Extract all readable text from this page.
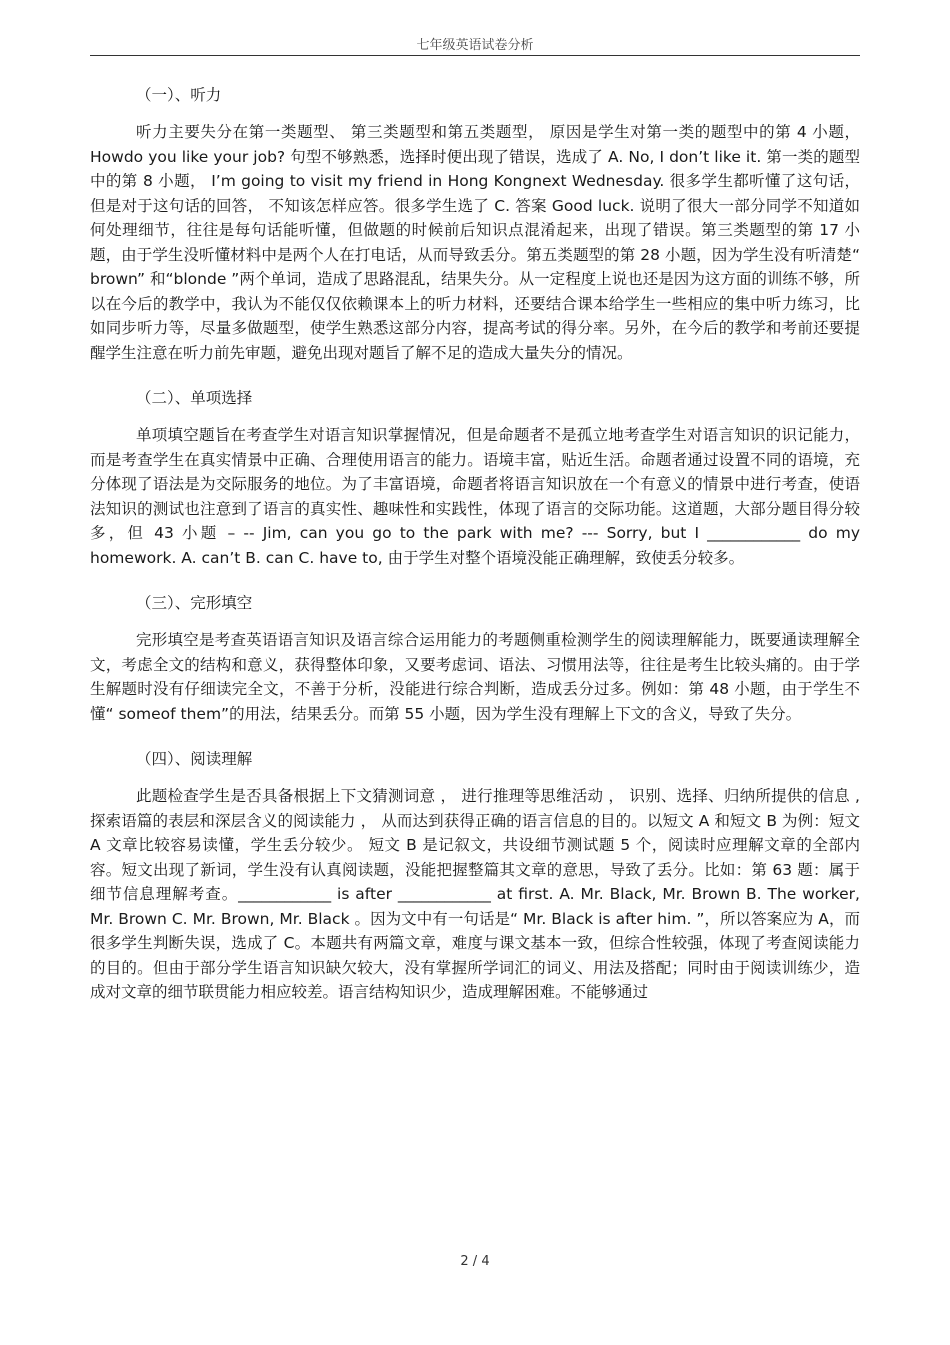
七年级英语试卷分析
（一）、听力

听力主要失分在第一类题型、 第三类题型和第五类题型， 原因是学生对第一类的题型中的第 4 小题， Howdo you like your job? 句型不够熟悉，选择时便出现了错误，选成了 A. No, I don’t like it. 第一类的题型中的第 8 小题， I’m going to visit my friend in Hong Kongnext Wednesday. 很多学生都听懂了这句话， 但是对于这句话的回答， 不知该怎样应答。很多学生选了 C. 答案 Good luck. 说明了很大一部分同学不知道如何处理细节，往往是每句话能听懂，但做题的时候前后知识点混淆起来，出现了错误。第三类题型的第 17 小题，由于学生没听懂材料中是两个人在打电话，从而导致丢分。第五类题型的第 28 小题，因为学生没有听清楚“ brown” 和“blonde ”两个单词，造成了思路混乱，结果失分。从一定程度上说也还是因为这方面的训练不够，所以在今后的教学中，我认为不能仅仅依赖课本上的听力材料，还要结合课本给学生一些相应的集中听力练习，比如同步听力等，尽量多做题型，使学生熟悉这部分内容，提高考试的得分率。另外，在今后的教学和考前还要提醒学生注意在听力前先审题，避免出现对题旨了解不足的造成大量失分的情况。

（二）、单项选择

单项填空题旨在考查学生对语言知识掌握情况，但是命题者不是孤立地考查学生对语言知识的识记能力，而是考查学生在真实情景中正确、合理使用语言的能力。语境丰富，贴近生活。命题者通过设置不同的语境，充分体现了语法是为交际服务的地位。为了丰富语境，命题者将语言知识放在一个有意义的情景中进行考查，使语法知识的测试也注意到了语言的真实性、趣味性和实践性，体现了语言的交际功能。这道题，大部分题目得分较多，但 43 小题 – -- Jim, can you go to the park with me? --- Sorry, but I ____________ do my homework. A. can’t B. can C. have to, 由于学生对整个语境没能正确理解，致使丢分较多。

（三）、完形填空

完形填空是考查英语语言知识及语言综合运用能力的考题侧重检测学生的阅读理解能力，既要通读理解全文，考虑全文的结构和意义，获得整体印象，又要考虑词、语法、习惯用法等，往往是考生比较头痛的。由于学生解题时没有仔细读完全文，不善于分析，没能进行综合判断，造成丢分过多。例如：第 48 小题，由于学生不懂“ someof them”的用法，结果丢分。而第 55 小题，因为学生没有理解上下文的含义，导致了失分。

（四）、阅读理解

此题检查学生是否具备根据上下文猜测词意 ， 进行推理等思维活动 ， 识别、选择、归纳所提供的信息 , 探索语篇的表层和深层含义的阅读能力 ， 从而达到获得正确的语言信息的目的。以短文 A 和短文 B 为例：短文 A 文章比较容易读懂，学生丢分较少。 短文 B 是记叙文，共设细节测试题 5 个，阅读时应理解文章的全部内容。短文出现了新词，学生没有认真阅读题，没能把握整篇其文章的意思，导致了丢分。比如：第 63 题：属于细节信息理解考查。____________ is after ____________ at first. A. Mr. Black, Mr. Brown B. The worker, Mr. Brown C. Mr. Brown, Mr. Black 。因为文中有一句话是“ Mr. Black is after him. ”，所以答案应为 A，而很多学生判断失误，选成了 C。本题共有两篇文章，难度与课文基本一致，但综合性较强，体现了考查阅读能力的目的。但由于部分学生语言知识缺欠较大，没有掌握所学词汇的词义、用法及搭配；同时由于阅读训练少，造成对文章的细节联贯能力相应较差。语言结构知识少，造成理解困难。不能够通过

2 / 4
